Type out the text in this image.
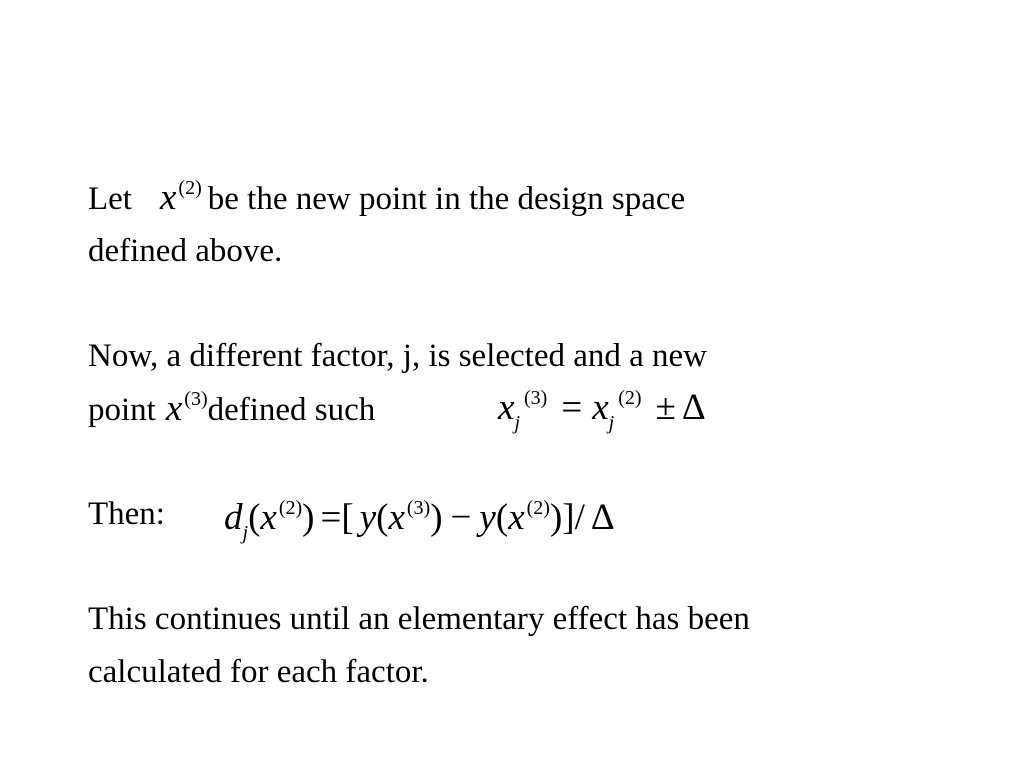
Let x $^{(2)}$ be the new point in the design space
defined above.
Now, a different factor, j, is selected and a new
point x $^{(3)}$defined such	$x_j^{(3)} = x_j^{(2)} \pm \Delta$
Then: $d_j(x$ $^{(2)}$) =[ y(x $^{(3)}$) − y(x $^{(2)}$)]/ Δ
This continues until an elementary effect has been
calculated for each factor.
